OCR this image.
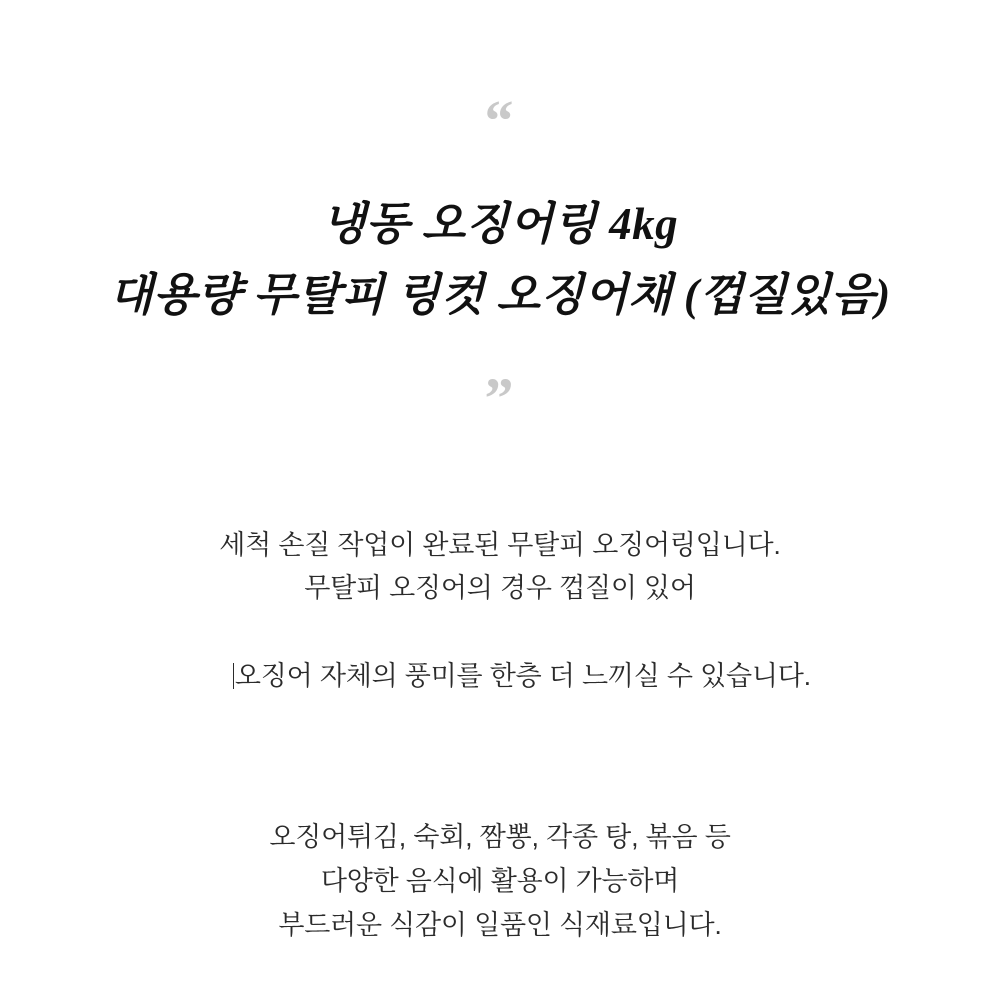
“
냉동 오징어링 4kg
대용량 무탈피 링컷 오징어채 (껍질있음)
”
세척 손질 작업이 완료된 무탈피 오징어링입니다.
무탈피 오징어의 경우 껍질이 있어

오징어 자체의 풍미를 한층 더 느끼실 수 있습니다.

오징어튀김, 숙회, 짬뽕, 각종 탕, 볶음 등
다양한 음식에 활용이 가능하며
부드러운 식감이 일품인 식재료입니다.
